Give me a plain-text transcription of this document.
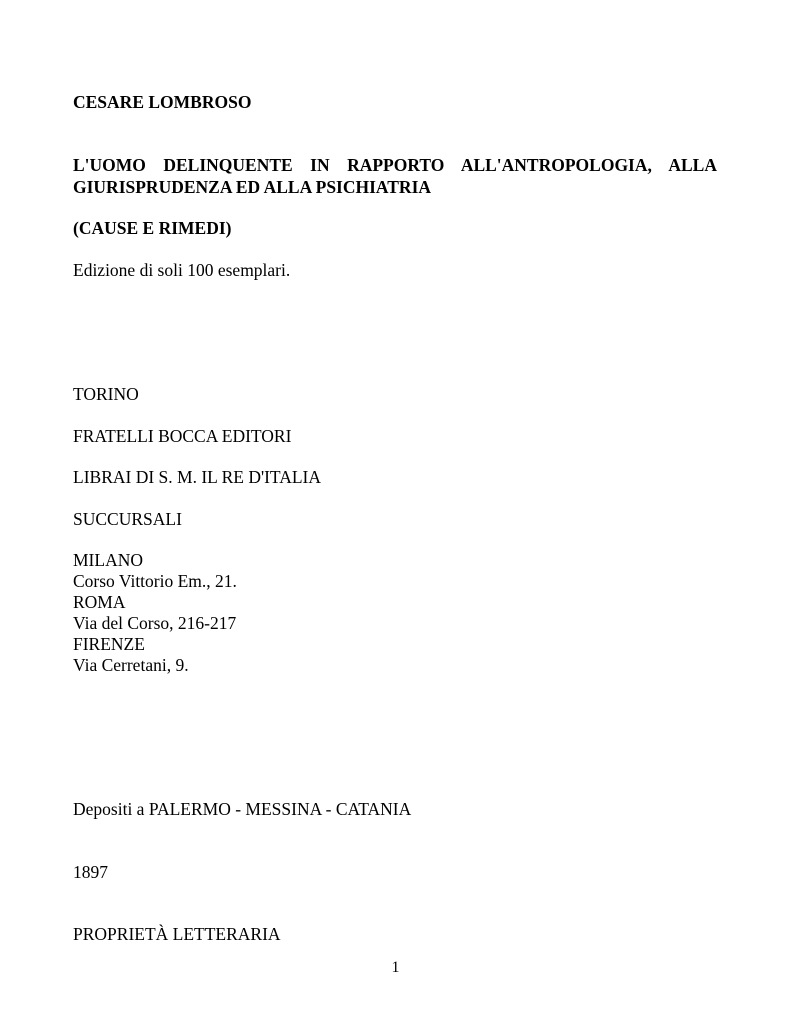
CESARE LOMBROSO
L'UOMO DELINQUENTE IN RAPPORTO ALL'ANTROPOLOGIA, ALLA
GIURISPRUDENZA ED ALLA PSICHIATRIA
(CAUSE E RIMEDI)
Edizione di soli 100 esemplari.
TORINO
FRATELLI BOCCA EDITORI
LIBRAI DI S. M. IL RE D'ITALIA
SUCCURSALI
MILANO
Corso Vittorio Em., 21.
ROMA
Via del Corso, 216-217
FIRENZE
Via Cerretani, 9.
Depositi a PALERMO - MESSINA - CATANIA
1897
PROPRIETÀ LETTERARIA
1
